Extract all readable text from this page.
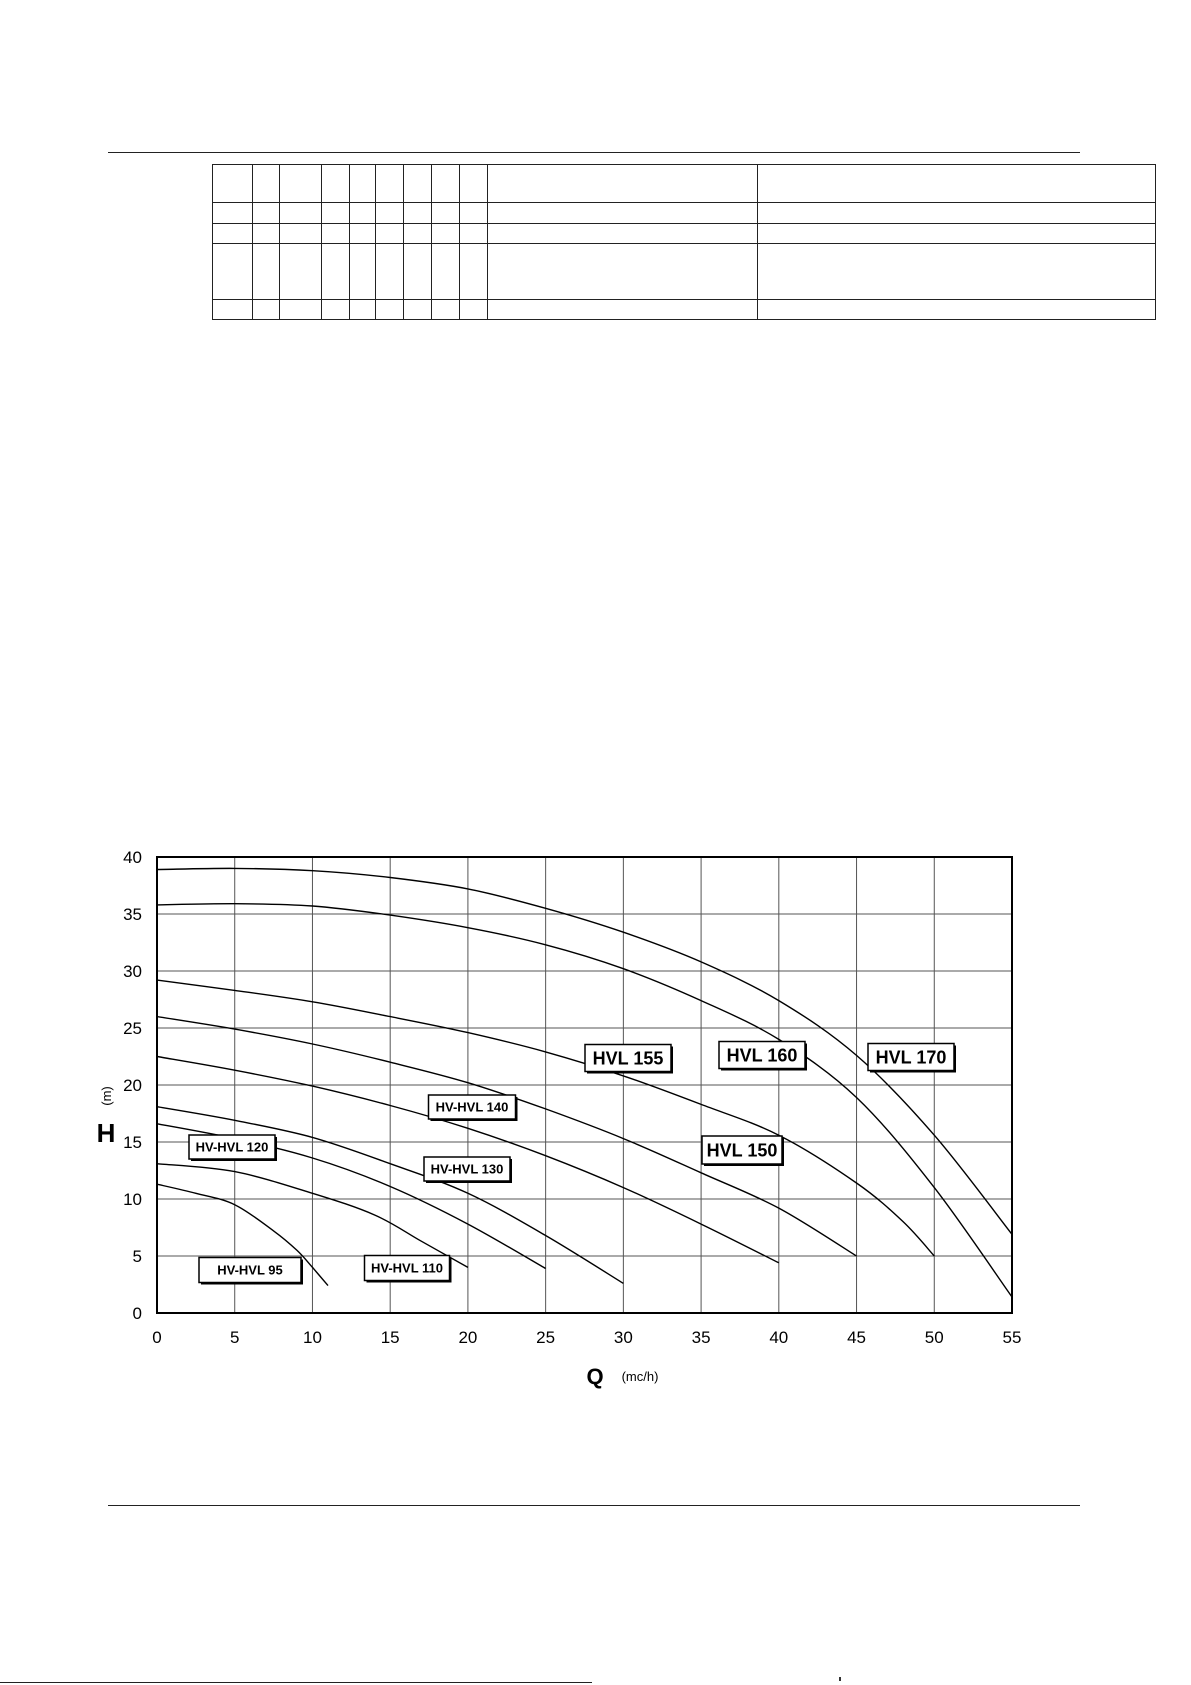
0	5	10	15	20	25	30	35	40	45	50	55
0
5
10
15
20
25
30
35
40
HV-HVL 95	HV-HVL 110
HV-HVL 120
HV-HVL 130
HV-HVL 140
HVL 150
HVL 155	HVL 160	HVL 170
H
(m)
Q (mc/h)
